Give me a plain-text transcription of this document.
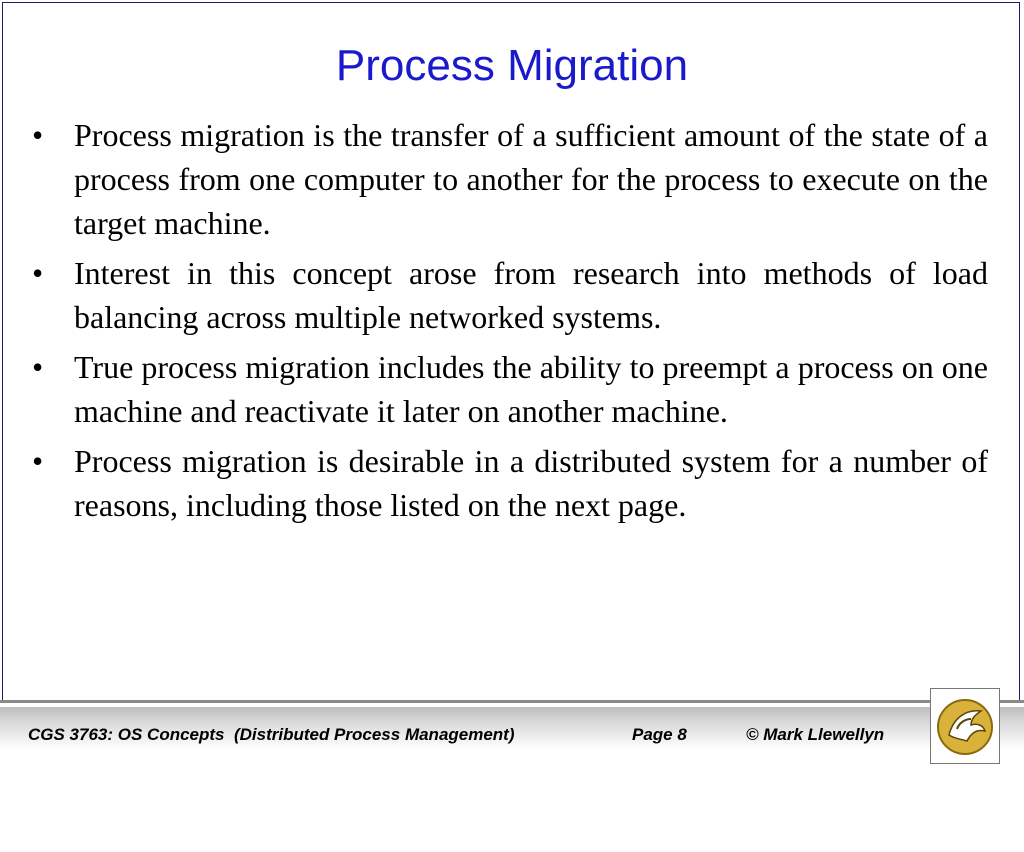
Process Migration
• Process migration is the transfer of a sufficient amount of the state of a process from one computer to another for the process to execute on the target machine.
• Interest in this concept arose from research into methods of load balancing across multiple networked systems.
• True process migration includes the ability to preempt a process on one machine and reactivate it later on another machine.
• Process migration is desirable in a distributed system for a number of reasons, including those listed on the next page.

CGS 3763: OS Concepts  (Distributed Process Management)

	Page 8

	© Mark Llewellyn
